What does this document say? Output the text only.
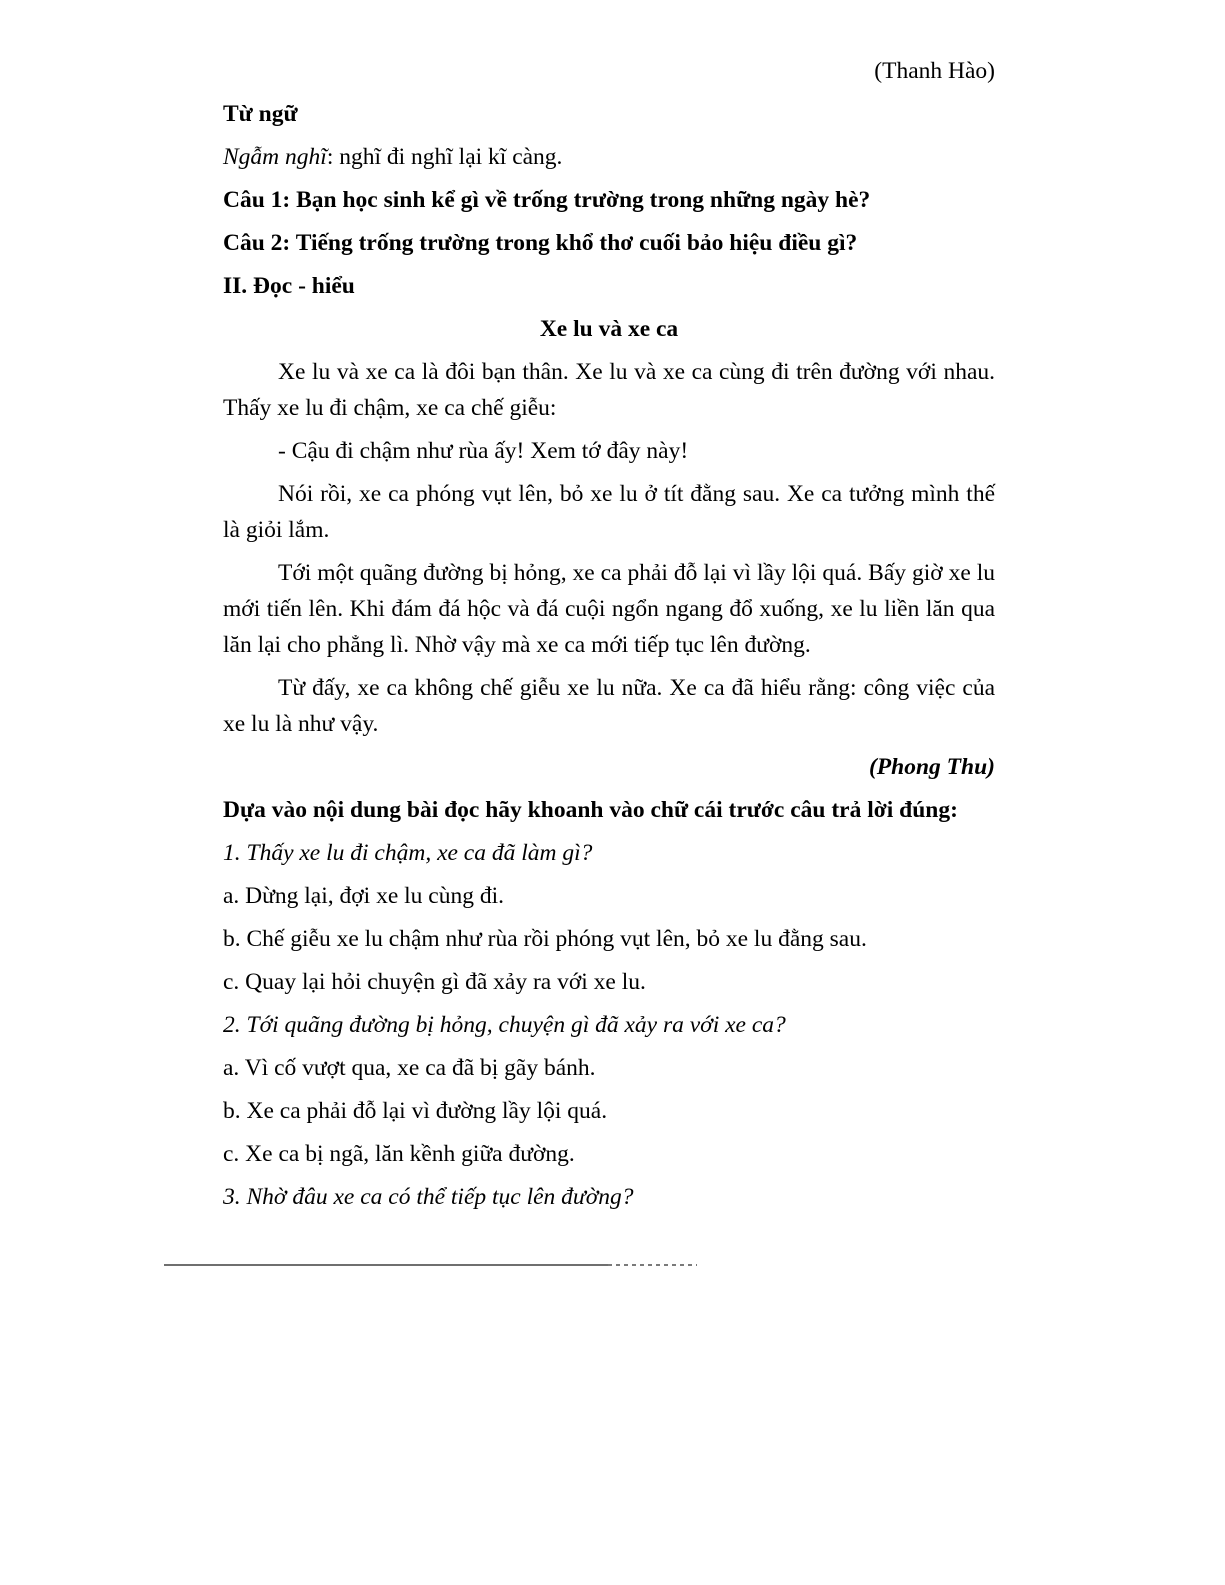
(Thanh Hào)
Từ ngữ
Ngẫm nghĩ: nghĩ đi nghĩ lại kĩ càng.
Câu 1: Bạn học sinh kể gì về trống trường trong những ngày hè?
Câu 2: Tiếng trống trường trong khổ thơ cuối bảo hiệu điều gì?
II. Đọc - hiểu
Xe lu và xe ca
Xe lu và xe ca là đôi bạn thân. Xe lu và xe ca cùng đi trên đường với nhau. Thấy xe lu đi chậm, xe ca chế giễu:
- Cậu đi chậm như rùa ấy! Xem tớ đây này!
Nói rồi, xe ca phóng vụt lên, bỏ xe lu ở tít đằng sau. Xe ca tưởng mình thế là giỏi lắm.
Tới một quãng đường bị hỏng, xe ca phải đỗ lại vì lầy lội quá. Bấy giờ xe lu mới tiến lên. Khi đám đá hộc và đá cuội ngổn ngang đổ xuống, xe lu liền lăn qua lăn lại cho phẳng lì. Nhờ vậy mà xe ca mới tiếp tục lên đường.
Từ đấy, xe ca không chế giễu xe lu nữa. Xe ca đã hiểu rằng: công việc của xe lu là như vậy.
(Phong Thu)
Dựa vào nội dung bài đọc hãy khoanh vào chữ cái trước câu trả lời đúng:
1. Thấy xe lu đi chậm, xe ca đã làm gì?
a. Dừng lại, đợi xe lu cùng đi.
b. Chế giễu xe lu chậm như rùa rồi phóng vụt lên, bỏ xe lu đằng sau.
c. Quay lại hỏi chuyện gì đã xảy ra với xe lu.
2. Tới quãng đường bị hỏng, chuyện gì đã xảy ra với xe ca?
a. Vì cố vượt qua, xe ca đã bị gãy bánh.
b. Xe ca phải đỗ lại vì đường lầy lội quá.
c. Xe ca bị ngã, lăn kềnh giữa đường.
3. Nhờ đâu xe ca có thể tiếp tục lên đường?
